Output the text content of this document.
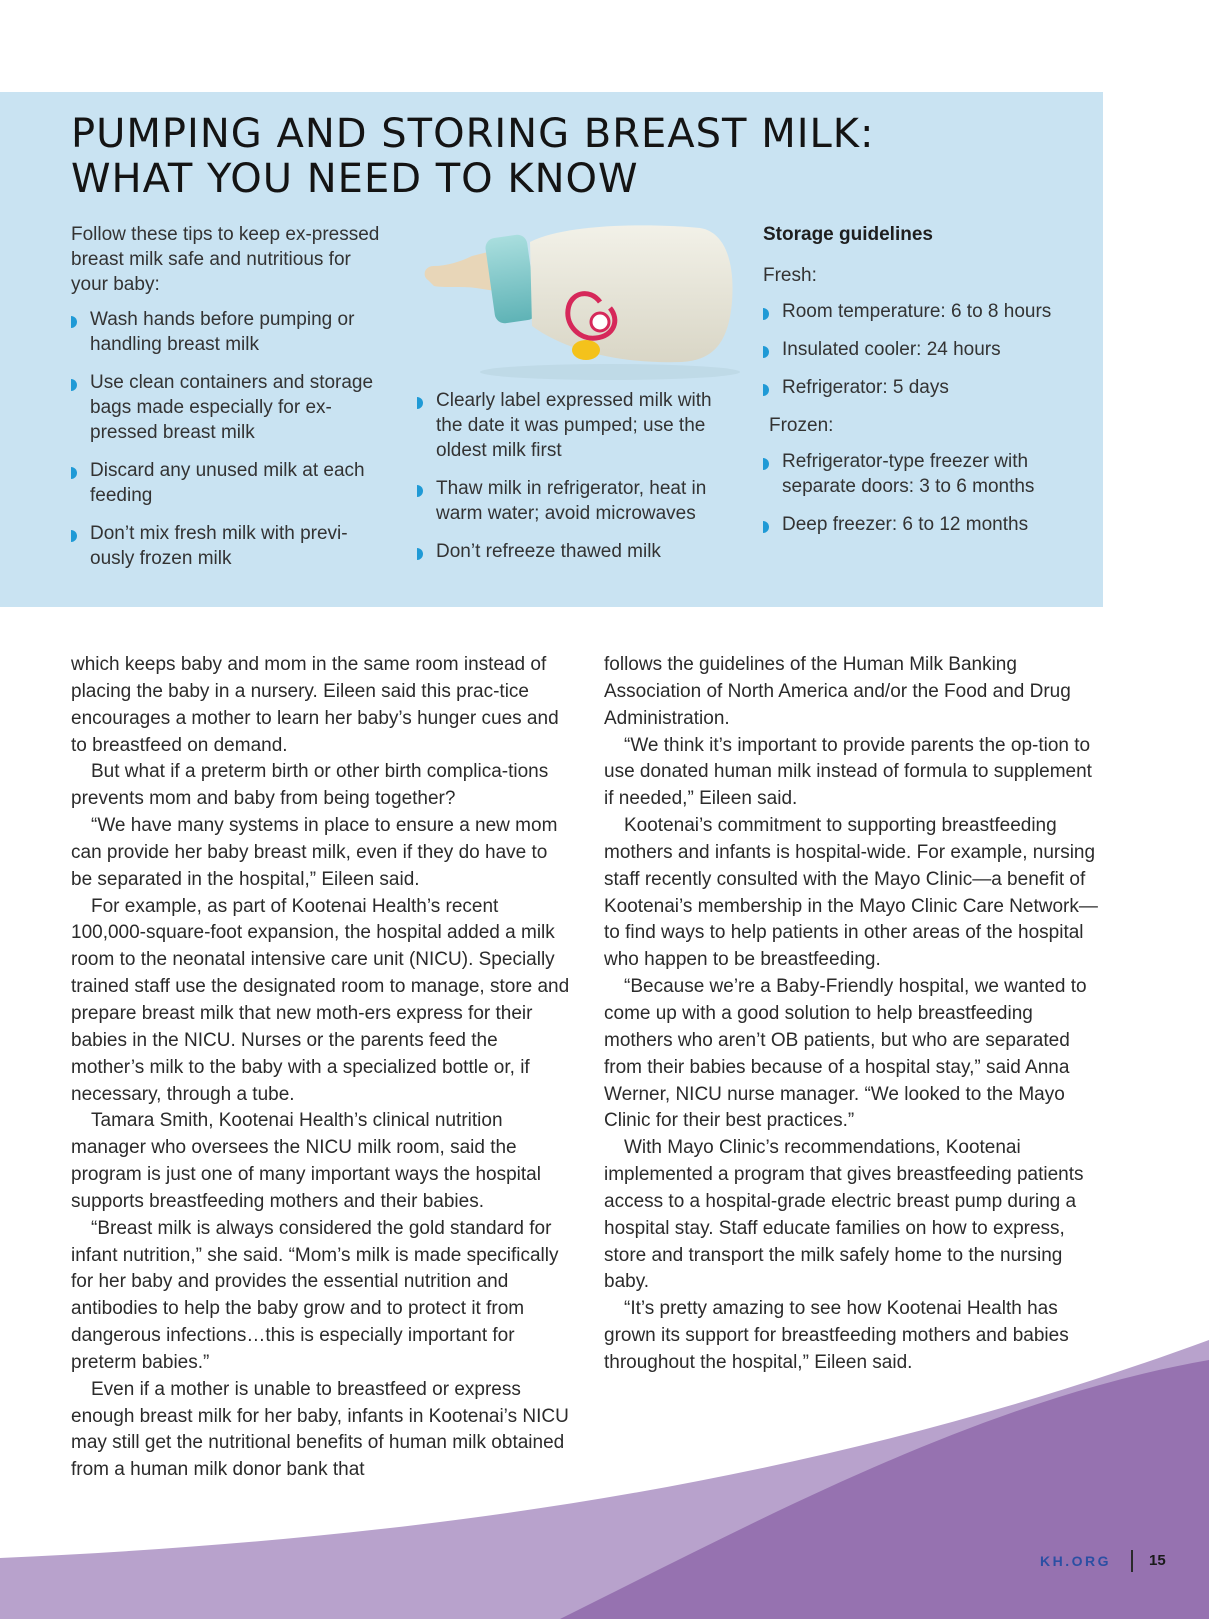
PUMPING AND STORING BREAST MILK:
WHAT YOU NEED TO KNOW

Follow these tips to keep ex-pressed breast milk safe and nutritious for your baby:

Wash hands before pumping or handling breast milk
Use clean containers and storage bags made especially for ex-pressed breast milk
Discard any unused milk at each feeding
Don’t mix fresh milk with previ-ously frozen milk
Clearly label expressed milk with the date it was pumped; use the oldest milk first
Thaw milk in refrigerator, heat in warm water; avoid microwaves
Don’t refreeze thawed milk

Storage guidelines

Fresh:

Room temperature: 6 to 8 hours
Insulated cooler: 24 hours
Refrigerator: 5 days

Frozen:

Refrigerator-type freezer with separate doors: 3 to 6 months
Deep freezer: 6 to 12 months

which keeps baby and mom in the same room instead of placing the baby in a nursery. Eileen said this prac-tice encourages a mother to learn her baby’s hunger cues and to breastfeed on demand.

But what if a preterm birth or other birth complica-tions prevents mom and baby from being together?

“We have many systems in place to ensure a new mom can provide her baby breast milk, even if they do have to be separated in the hospital,” Eileen said.

For example, as part of Kootenai Health’s recent 100,000-square-foot expansion, the hospital added a milk room to the neonatal intensive care unit (NICU). Specially trained staff use the designated room to manage, store and prepare breast milk that new moth-ers express for their babies in the NICU. Nurses or the parents feed the mother’s milk to the baby with a specialized bottle or, if necessary, through a tube.

Tamara Smith, Kootenai Health’s clinical nutrition manager who oversees the NICU milk room, said the program is just one of many important ways the hospital supports breastfeeding mothers and their babies.

“Breast milk is always considered the gold standard for infant nutrition,” she said. “Mom’s milk is made specifically for her baby and provides the essential nutrition and antibodies to help the baby grow and to protect it from dangerous infections…this is especially important for preterm babies.”

Even if a mother is unable to breastfeed or express enough breast milk for her baby, infants in Kootenai’s NICU may still get the nutritional benefits of human milk obtained from a human milk donor bank that

follows the guidelines of the Human Milk Banking Association of North America and/or the Food and Drug Administration.

“We think it’s important to provide parents the op-tion to use donated human milk instead of formula to supplement if needed,” Eileen said.

Kootenai’s commitment to supporting breastfeeding mothers and infants is hospital-wide. For example, nursing staff recently consulted with the Mayo Clinic—a benefit of Kootenai’s membership in the Mayo Clinic Care Network—to find ways to help patients in other areas of the hospital who happen to be breastfeeding.

“Because we’re a Baby-Friendly hospital, we wanted to come up with a good solution to help breastfeeding mothers who aren’t OB patients, but who are separated from their babies because of a hospital stay,” said Anna Werner, NICU nurse manager. “We looked to the Mayo Clinic for their best practices.”

With Mayo Clinic’s recommendations, Kootenai implemented a program that gives breastfeeding patients access to a hospital-grade electric breast pump during a hospital stay. Staff educate families on how to express, store and transport the milk safely home to the nursing baby.

“It’s pretty amazing to see how Kootenai Health has grown its support for breastfeeding mothers and babies throughout the hospital,” Eileen said.

KH.ORG	15
